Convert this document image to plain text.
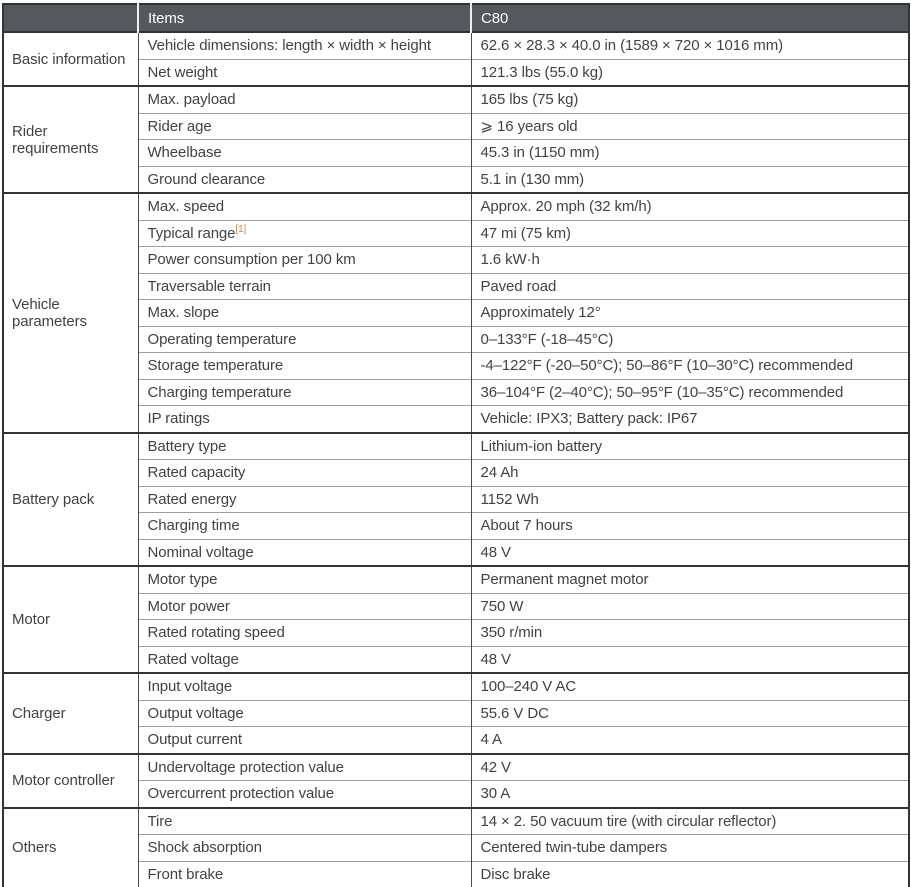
	Items	C80
Basic information	Vehicle dimensions: length × width × height	62.6 × 28.3 × 40.0 in (1589 × 720 × 1016 mm)
	Net weight	121.3 lbs (55.0 kg)
Rider requirements	Max. payload	165 lbs (75 kg)
	Rider age	⩾ 16 years old
	Wheelbase	45.3 in (1150 mm)
	Ground clearance	5.1 in (130 mm)
Vehicle parameters	Max. speed	Approx. 20 mph (32 km/h)
	Typical range[1]	47 mi (75 km)
	Power consumption per 100 km	1.6 kW·h
	Traversable terrain	Paved road
	Max. slope	Approximately 12°
	Operating temperature	0–133°F (-18–45°C)
	Storage temperature	-4–122°F (-20–50°C); 50–86°F (10–30°C) recommended
	Charging temperature	36–104°F (2–40°C); 50–95°F (10–35°C) recommended
	IP ratings	Vehicle: IPX3; Battery pack: IP67
Battery pack	Battery type	Lithium-ion battery
	Rated capacity	24 Ah
	Rated energy	1152 Wh
	Charging time	About 7 hours
	Nominal voltage	48 V
Motor	Motor type	Permanent magnet motor
	Motor power	750 W
	Rated rotating speed	350 r/min
	Rated voltage	48 V
Charger	Input voltage	100–240 V AC
	Output voltage	55.6 V DC
	Output current	4 A
Motor controller	Undervoltage protection value	42 V
	Overcurrent protection value	30 A
Others	Tire	14 × 2. 50 vacuum tire (with circular reflector)
	Shock absorption	Centered twin-tube dampers
	Front brake	Disc brake
